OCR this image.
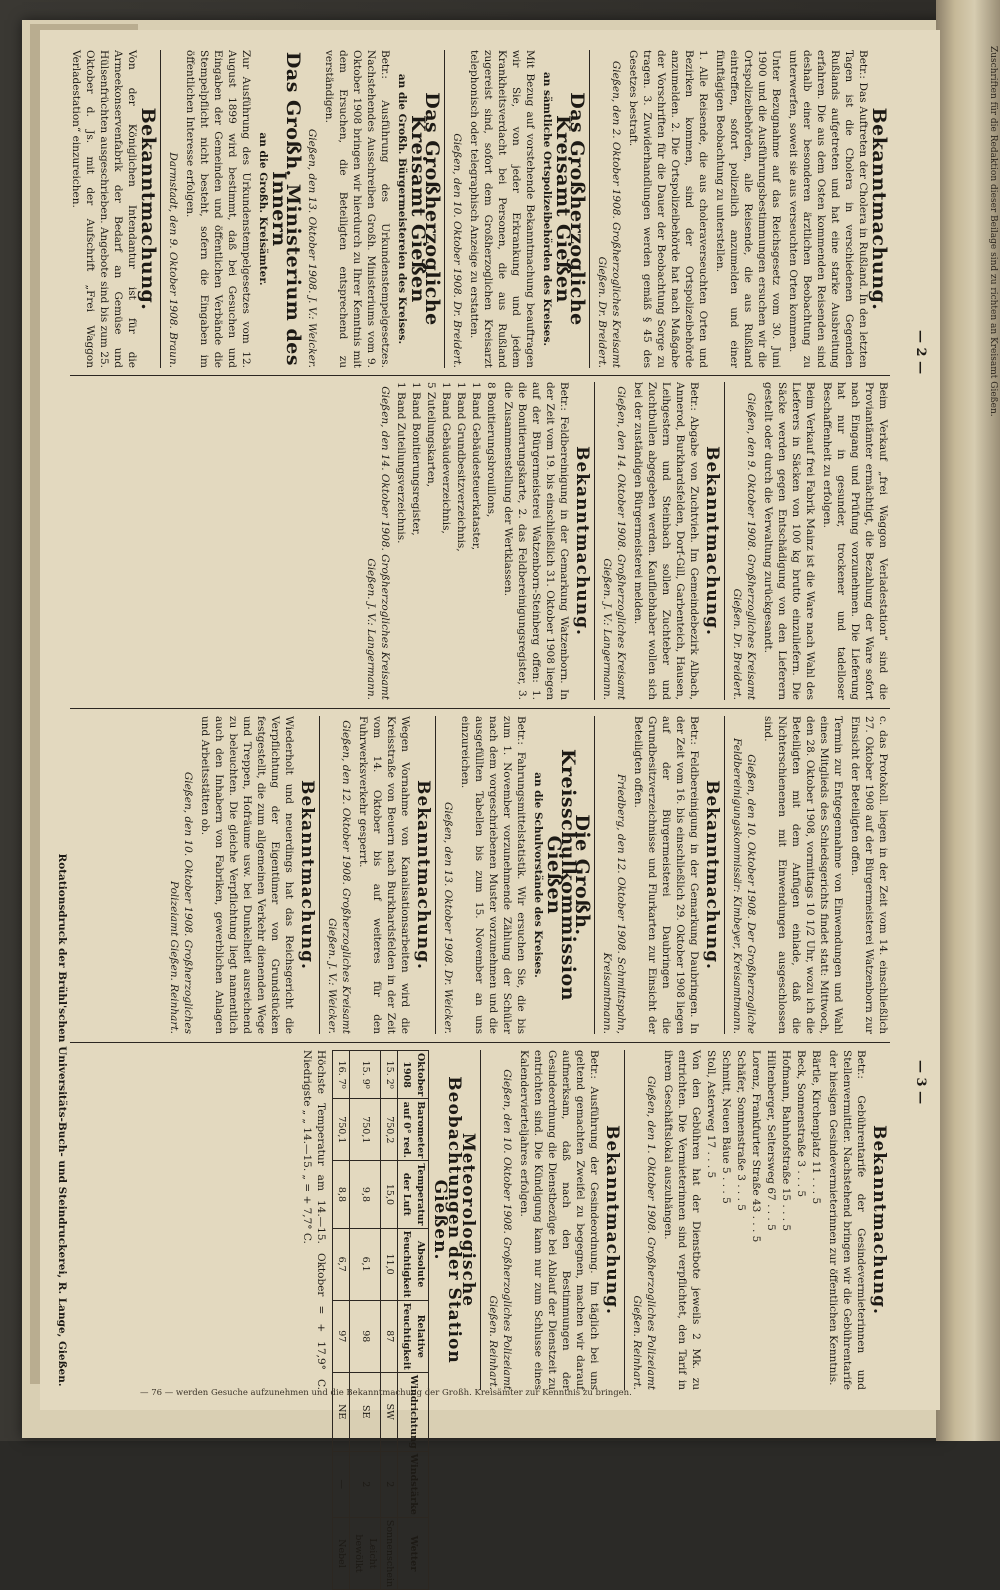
— 2 —
— 3 —
Bekanntmachung.

Betr.: Das Auftreten der Cholera in Rußland. In den letzten Tagen ist die Cholera in verschiedenen Gegenden Rußlands aufgetreten und hat eine starke Ausbreitung erfahren. Die aus dem Osten kommenden Reisenden sind deshalb einer besonderen ärztlichen Beobachtung zu unterwerfen, soweit sie aus verseuchten Orten kommen.

Unter Bezugnahme auf das Reichsgesetz vom 30. Juni 1900 und die Ausführungsbestimmungen ersuchen wir die Ortspolizeibehörden, alle Reisende, die aus Rußland eintreffen, sofort polizeilich anzumelden und einer fünftägigen Beobachtung zu unterstellen.

1. Alle Reisende, die aus choleraverseuchten Orten und Bezirken kommen, sind der Ortspolizeibehörde anzumelden. 2. Die Ortspolizeibehörde hat nach Maßgabe der Vorschriften für die Dauer der Beobachtung Sorge zu tragen. 3. Zuwiderhandlungen werden gemäß § 45 des Gesetzes bestraft.

Gießen, den 2. Oktober 1908. Großherzogliches Kreisamt Gießen. Dr. Breidert.
Das Großherzogliche Kreisamt Gießen
an sämtliche Ortspolizeibehörden des Kreises.

Mit Bezug auf vorstehende Bekanntmachung beauftragen wir Sie, von jeder Erkrankung und jedem Krankheitsverdacht bei Personen, die aus Rußland zugereist sind, sofort dem Großherzoglichen Kreisarzt telephonisch oder telegraphisch Anzeige zu erstatten.

Gießen, den 10. Oktober 1908. Dr. Breidert.
Das Großherzogliche Kreisamt Gießen
an die Großh. Bürgermeistereien des Kreises.

Betr.: Ausführung des Urkundenstempelgesetzes. Nachstehendes Ausschreiben Großh. Ministeriums vom 9. Oktober 1908 bringen wir hierdurch zu Ihrer Kenntnis mit dem Ersuchen, die Beteiligten entsprechend zu verständigen.

Gießen, den 13. Oktober 1908. J. V.: Weicker.
Das Großh. Ministerium des Innern
an die Großh. Kreisämter.

Zur Ausführung des Urkundenstempelgesetzes vom 12. August 1899 wird bestimmt, daß bei Gesuchen und Eingaben der Gemeinden und öffentlichen Verbände die Stempelpflicht nicht besteht, sofern die Eingaben im öffentlichen Interesse erfolgen.

Darmstadt, den 9. Oktober 1908. Braun.
Bekanntmachung.

Von der Königlichen Intendantur ist für die Armeekonservenfabrik der Bedarf an Gemüse und Hülsenfrüchten ausgeschrieben. Angebote sind bis zum 25. Oktober d. Js. mit der Aufschrift „Frei Waggon Verladestation“ einzureichen.

Beim Verkauf „frei Waggon Verladestation“ sind die Proviantämter ermächtigt, die Bezahlung der Ware sofort nach Eingang und Prüfung vorzunehmen. Die Lieferung hat nur in gesunder, trockener und tadelloser Beschaffenheit zu erfolgen.

Beim Verkauf frei Fabrik Mainz ist die Ware nach Wahl des Lieferers in Säcken von 100 kg brutto einzuliefern. Die Säcke werden gegen Entschädigung von den Lieferern gestellt oder durch die Verwaltung zurückgesandt.

Gießen, den 9. Oktober 1908. Großherzogliches Kreisamt Gießen. Dr. Breidert.
Bekanntmachung.

Betr.: Abgabe von Zuchtvieh. Im Gemeindebezirk Albach, Annerod, Burkhardsfelden, Dorf-Gill, Garbenteich, Hausen, Leihgestern und Steinbach sollen Zuchteber und Zuchtbullen abgegeben werden. Kaufliebhaber wollen sich bei der zuständigen Bürgermeisterei melden.

Gießen, den 14. Oktober 1908. Großherzogliches Kreisamt Gießen. J. V.: Langermann.
Bekanntmachung.

Betr.: Feldbereinigung in der Gemarkung Watzenborn. In der Zeit vom 19. bis einschließlich 31. Oktober 1908 liegen auf der Bürgermeisterei Watzenborn-Steinberg offen: 1. die Bonitierungskarte, 2. das Feldbereinigungsregister, 3. die Zusammenstellung der Wertklassen.

8 Bonitierungsbrouillons,

1 Band Gebäudesteuerkataster,

1 Band Grundbesitzverzeichnis,

1 Band Gebäudeverzeichnis,

5 Zuteilungskarten,

1 Band Bonitierungsregister,

1 Band Zuteilungsverzeichnis.

Gießen, den 14. Oktober 1908. Großherzogliches Kreisamt Gießen. J. V.: Langermann.

c. das Protokoll. liegen in der Zeit vom 14. einschließlich 27. Oktober 1908 auf der Bürgermeisterei Watzenborn zur Einsicht der Beteiligten offen.

Termin zur Entgegennahme von Einwendungen und Wahl eines Mitglieds des Schiedsgerichts findet statt: Mittwoch, den 28. Oktober 1908, vormittags 10 1/2 Uhr, wozu ich die Beteiligten mit dem Anfügen einlade, daß die Nichterschienenen mit Einwendungen ausgeschlossen sind.

Gießen, den 10. Oktober 1908. Der Großherzogliche Feldbereinigungskommissär: Kimbeyer, Kreisamtmann.
Bekanntmachung.

Betr.: Feldbereinigung in der Gemarkung Daubringen. In der Zeit vom 16. bis einschließlich 29. Oktober 1908 liegen auf der Bürgermeisterei Daubringen die Grundbesitzverzeichnisse und Flurkarten zur Einsicht der Beteiligten offen.

Friedberg, den 12. Oktober 1908. Schmittspahn, Kreisamtmann.
Die Großh. Kreisschulkommission Gießen
an die Schulvorstände des Kreises.

Betr.: Fahrungsmittelstatistik. Wir ersuchen Sie, die bis zum 1. November vorzunehmende Zählung der Schüler nach dem vorgeschriebenen Muster vorzunehmen und die ausgefüllten Tabellen bis zum 15. November an uns einzureichen.

Gießen, den 13. Oktober 1908. Dr. Weicker.
Bekanntmachung.

Wegen Vornahme von Kanalisationsarbeiten wird die Kreisstraße von Beuern nach Burkhardsfelden in der Zeit vom 14. Oktober bis auf weiteres für den Fuhrwerksverkehr gesperrt.

Gießen, den 12. Oktober 1908. Großherzogliches Kreisamt Gießen. J. V.: Weicker.
Bekanntmachung.

Wiederholt und neuerdings hat das Reichsgericht die Verpflichtung der Eigentümer von Grundstücken festgestellt, die zum allgemeinen Verkehr dienenden Wege und Treppen, Hofräume usw. bei Dunkelheit ausreichend zu beleuchten. Die gleiche Verpflichtung liegt namentlich auch den Inhabern von Fabriken, gewerblichen Anlagen und Arbeitsstätten ob.

Gießen, den 10. Oktober 1908. Großherzogliches Polizeiamt Gießen. Reinhart.
Bekanntmachung.

Betr.: Gebührentarife der Gesindevermieterinnen und Stellenvermittler. Nachstehend bringen wir die Gebührentarife der hiesigen Gesindevermieterinnen zur öffentlichen Kenntnis.

Bärtle, Kirchenplatz 11 . . . 5

Beck, Sonnenstraße 3 . . . 5

Hofmann, Bahnhofstraße 15 . . . 5

Hiltenberger, Seltersweg 67 . . . 5

Lorenz, Frankfurter Straße 43 . . . 5

Schäfer, Sonnenstraße 3 . . . 5

Schmitt, Neuen Bäue 5 . . . 5

Stoll, Asterweg 17 . . . 5

Von den Gebühren hat der Dienstbote jeweils 2 Mk. zu entrichten. Die Vermieterinnen sind verpflichtet, den Tarif in ihrem Geschäftslokal auszuhängen.

Gießen, den 1. Oktober 1908. Großherzogliches Polizeiamt Gießen. Reinhart.
Bekanntmachung.

Betr.: Ausführung der Gesindeordnung. Im täglich bei uns geltend gemachten Zweifel zu begegnen, machen wir darauf aufmerksam, daß nach den Bestimmungen der Gesindeordnung die Dienstbezüge bei Ablauf der Dienstzeit zu entrichten sind. Die Kündigung kann nur zum Schlusse eines Kalendervierteljahres erfolgen.

Gießen, den 10. Oktober 1908. Großherzogliches Polizeiamt Gießen. Reinhart.
Meteorologische Beobachtungen der Station Gießen.
Oktober 1908	Barometer auf 0° red.	Temperatur der Luft	Absolute Feuchtigkeit	Relative Feuchtigkeit	Windrichtung	Windstärke	Wetter
15. 2⁰	750,2	15,0	11,0	87	SW	2	Sonnenschein
15. 9⁰	750,1	9,8	6,1	98	SE	2	Leicht bewölkt
16. 7⁰	750,1	8,8	6,7	97	NE	—	Nebel

Höchste Temperatur am 14.—15. Oktober = + 17,9° C. Niedrigste „ „ 14.—15. „ = + 7,7° C.

Rotationsdruck der Brühl'schen Universitäts-Buch- und Steindruckerei, R. Lange, Gießen.

Zuschriften für die Redaktion dieser Beilage sind zu richten an Kreisamt Gießen.

— 76 — werden Gesuche aufzunehmen und die Bekanntmachung der Großh. Kreisämter zur Kenntnis zu bringen.
